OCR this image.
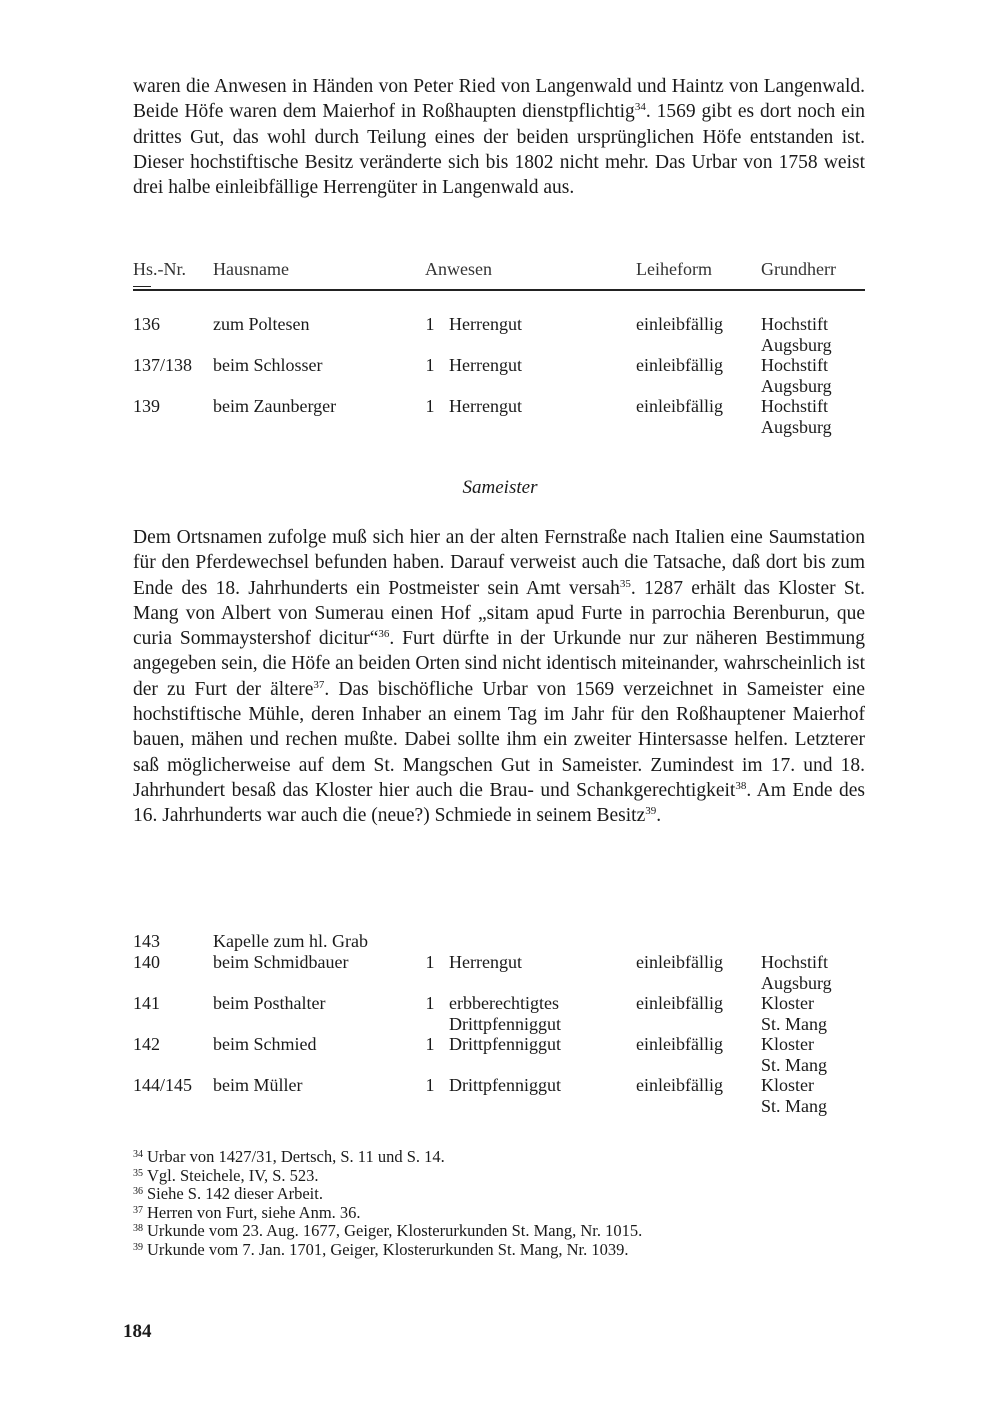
waren die Anwesen in Händen von Peter Ried von Langenwald und Haintz von Langenwald. Beide Höfe waren dem Maierhof in Roßhaupten dienstpflichtig$^{34}$. 1569 gibt es dort noch ein drittes Gut, das wohl durch Teilung eines der beiden ursprünglichen Höfe entstanden ist. Dieser hochstiftische Besitz veränderte sich bis 1802 nicht mehr. Das Urbar von 1758 weist drei halbe einleibfällige Herrengüter in Langenwald aus.
Hs.-Nr. Hausname	Anwesen	Leiheform	Grundherr
136	zum Poltesen	1 Herrengut	einleibfällig Hochstift
Augsburg
137/138 beim Schlosser	1 Herrengut	einleibfällig Hochstift
Augsburg
139	beim Zaunberger	1 Herrengut	einleibfällig Hochstift
Augsburg
Sameister
Dem Ortsnamen zufolge muß sich hier an der alten Fernstraße nach Italien eine Saumstation für den Pferdewechsel befunden haben. Darauf verweist auch die Tatsache, daß dort bis zum Ende des 18. Jahrhunderts ein Postmeister sein Amt versah$^{35}$. 1287 erhält das Kloster St. Mang von Albert von Sumerau einen Hof „sitam apud Furte in parrochia Berenburun, que curia Sommaystershof dicitur“$^{36}$. Furt dürfte in der Urkunde nur zur näheren Bestimmung angegeben sein, die Höfe an beiden Orten sind nicht identisch miteinander, wahrscheinlich ist der zu Furt der ältere$^{37}$. Das bischöfliche Urbar von 1569 verzeichnet in Sameister eine hochstiftische Mühle, deren Inhaber an einem Tag im Jahr für den Roßhauptener Maierhof bauen, mähen und rechen mußte. Dabei sollte ihm ein zweiter Hintersasse helfen. Letzterer saß möglicherweise auf dem St. Mangschen Gut in Sameister. Zumindest im 17. und 18. Jahrhundert besaß das Kloster hier auch die Brau- und Schankgerechtigkeit$^{38}$. Am Ende des 16. Jahrhunderts war auch die (neue?) Schmiede in seinem Besitz$^{39}$.
143	Kapelle zum hl. Grab
140	beim Schmidbauer	1 Herrengut	einleibfällig Hochstift
Augsburg
141	beim Posthalter	1 erbberechtigtes	einleibfällig Kloster
Drittpfenniggut	St. Mang
142	beim Schmied	1 Drittpfenniggut	einleibfällig Kloster
St. Mang
144/145 beim Müller	1 Drittpfenniggut	einleibfällig Kloster
St. Mang
$^{34}$ Urbar von 1427/31, Dertsch, S. 11 und S. 14.
$^{35}$ Vgl. Steichele, IV, S. 523.
$^{36}$ Siehe S. 142 dieser Arbeit.
$^{37}$ Herren von Furt, siehe Anm. 36.
$^{38}$ Urkunde vom 23. Aug. 1677, Geiger, Klosterurkunden St. Mang, Nr. 1015.
$^{39}$ Urkunde vom 7. Jan. 1701, Geiger, Klosterurkunden St. Mang, Nr. 1039.
184
